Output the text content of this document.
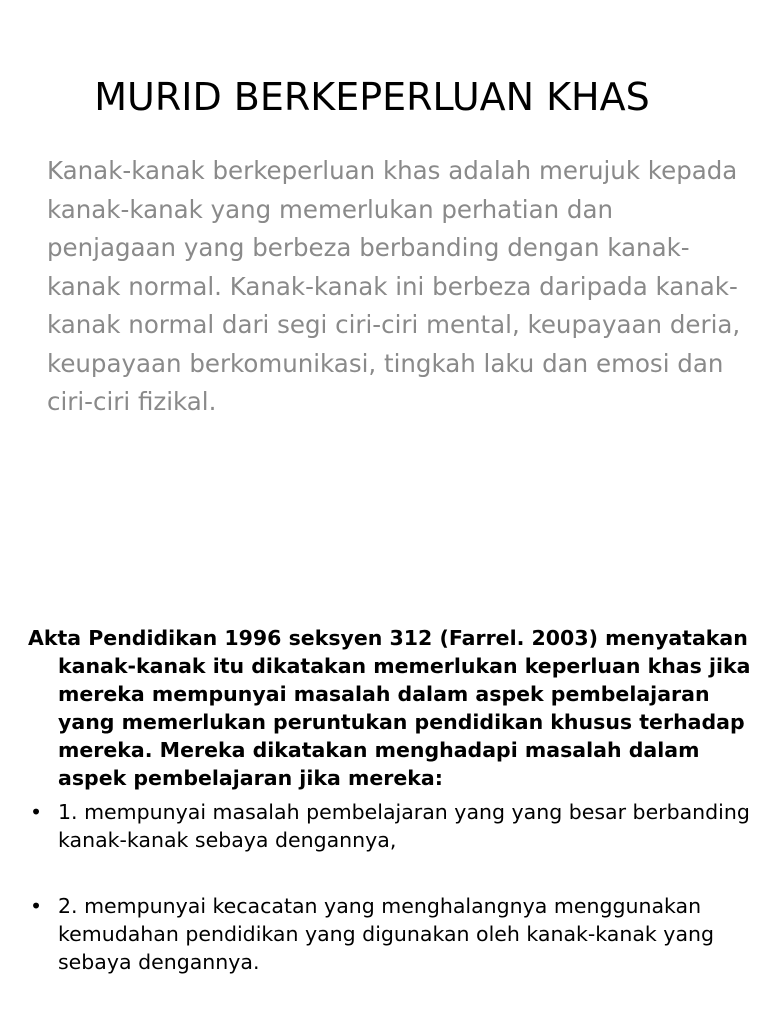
MURID BERKEPERLUAN KHAS

Kanak-kanak berkeperluan khas adalah merujuk kepada kanak-kanak yang memerlukan perhatian dan penjagaan yang berbeza berbanding dengan kanak-kanak normal. Kanak-kanak ini berbeza daripada kanak-kanak normal dari segi ciri-ciri mental, keupayaan deria, keupayaan berkomunikasi, tingkah laku dan emosi dan ciri-ciri fizikal.

Akta Pendidikan 1996 seksyen 312 (Farrel. 2003) menyatakan kanak-kanak itu dikatakan memerlukan keperluan khas jika mereka mempunyai masalah dalam aspek pembelajaran yang memerlukan peruntukan pendidikan khusus terhadap mereka. Mereka dikatakan menghadapi masalah dalam aspek pembelajaran jika mereka:

• 1. mempunyai masalah pembelajaran yang yang besar berbanding kanak-kanak sebaya dengannya,
• 2. mempunyai kecacatan yang menghalangnya menggunakan kemudahan pendidikan yang digunakan oleh kanak-kanak yang sebaya dengannya.
